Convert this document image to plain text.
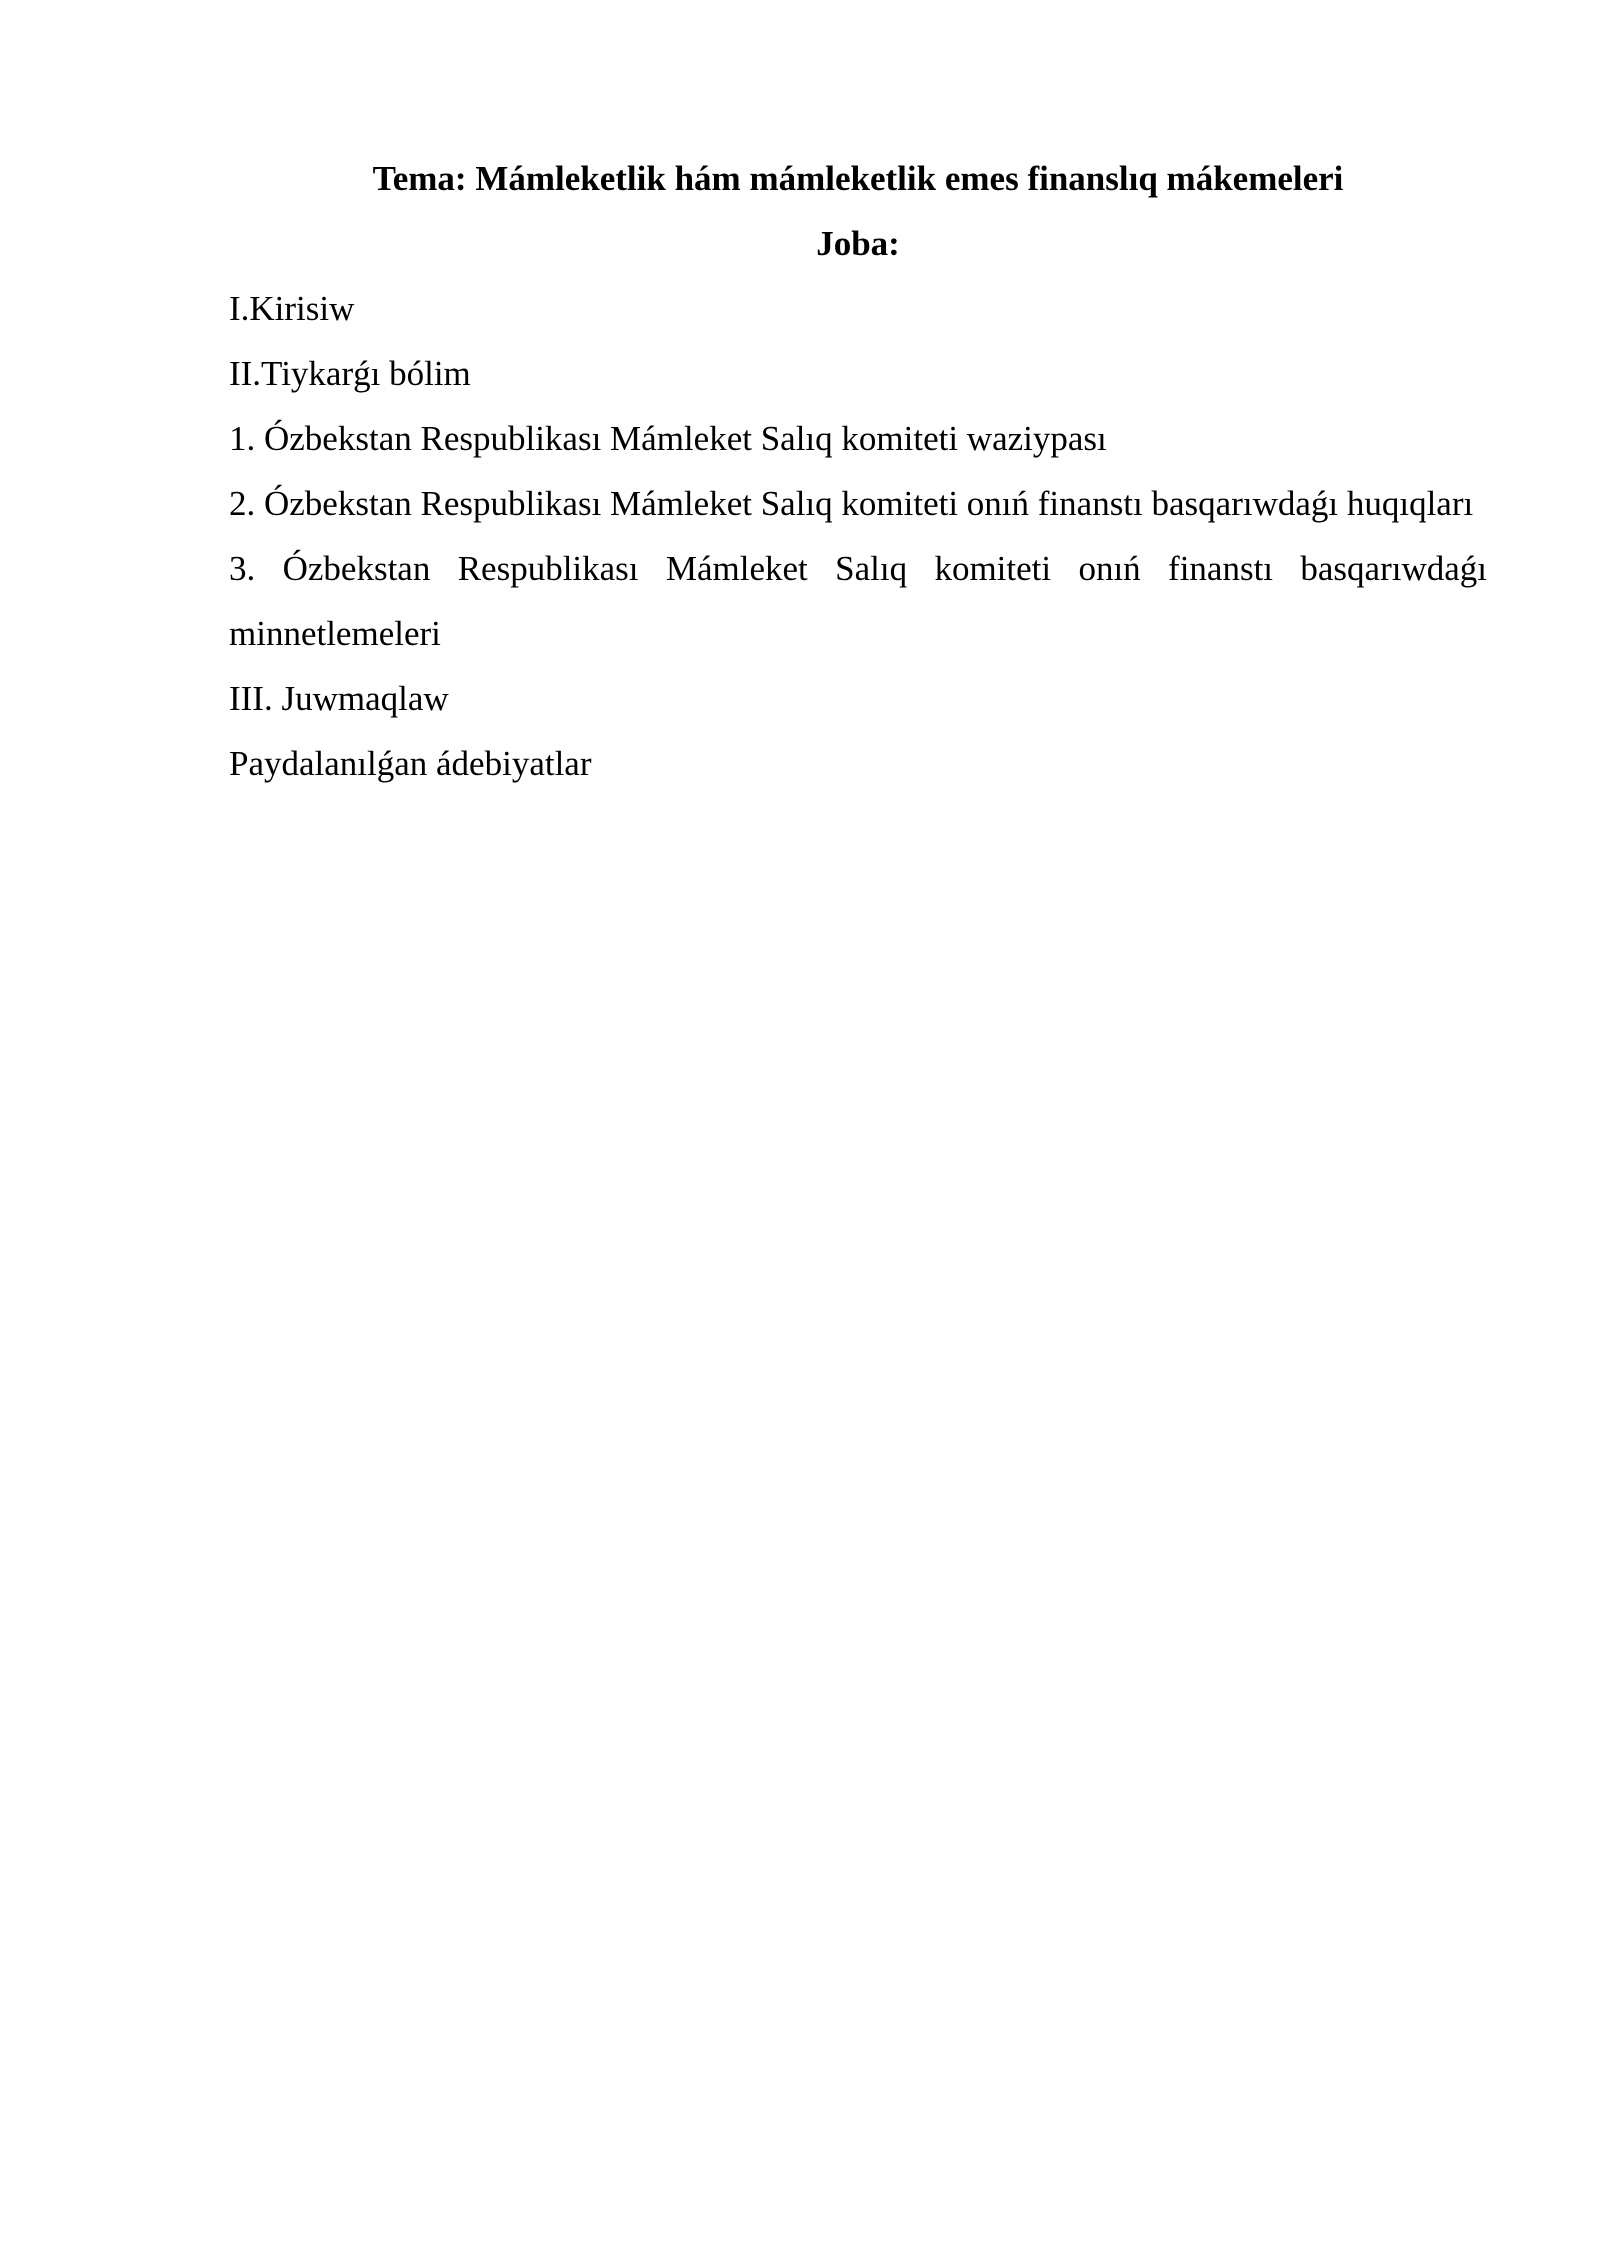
Tema: Mámleketlik hám mámleketlik emes finanslıq mákemeleri

Joba:

I.Kirisiw

II.Tiykarǵı bólim

1. Ózbekstan Respublikası Mámleket Salıq komiteti waziypası

2. Ózbekstan Respublikası Mámleket Salıq komiteti onıń finanstı basqarıwdaǵı huqıqları

3. Ózbekstan Respublikası Mámleket Salıq komiteti onıń finanstı basqarıwdaǵı minnetlemeleri

III. Juwmaqlaw

Paydalanılǵan ádebiyatlar
